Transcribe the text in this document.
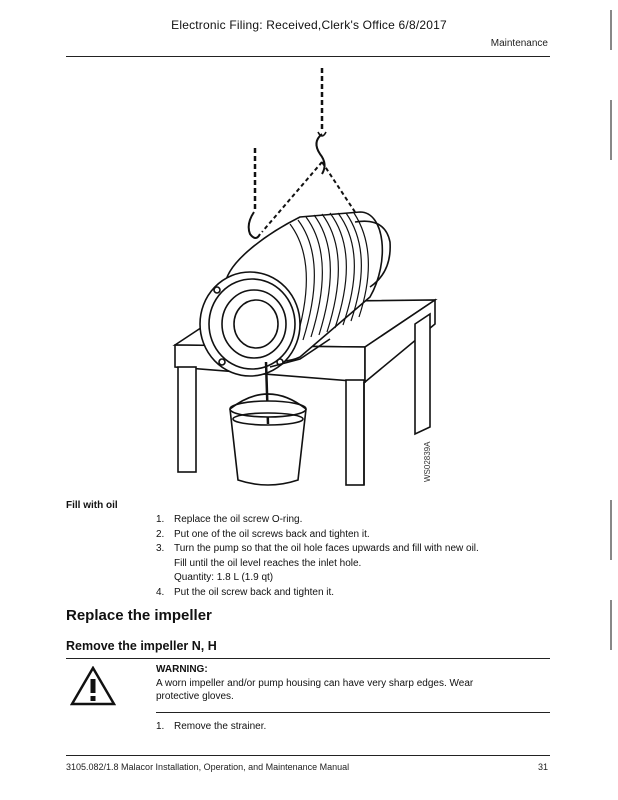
Electronic Filing: Received,Clerk's Office 6/8/2017
Maintenance
WS02839A
Fill with oil
1. Replace the oil screw O-ring.
2. Put one of the oil screws back and tighten it.
3. Turn the pump so that the oil hole faces upwards and fill with new oil.
Fill until the oil level reaches the inlet hole.
Quantity: 1.8 L (1.9 qt)
4. Put the oil screw back and tighten it.
Replace the impeller
Remove the impeller N, H
WARNING:
A worn impeller and/or pump housing can have very sharp edges. Wear
protective gloves.
1. Remove the strainer.
3105.082/1.8 Malacor Installation, Operation, and Maintenance Manual	31
